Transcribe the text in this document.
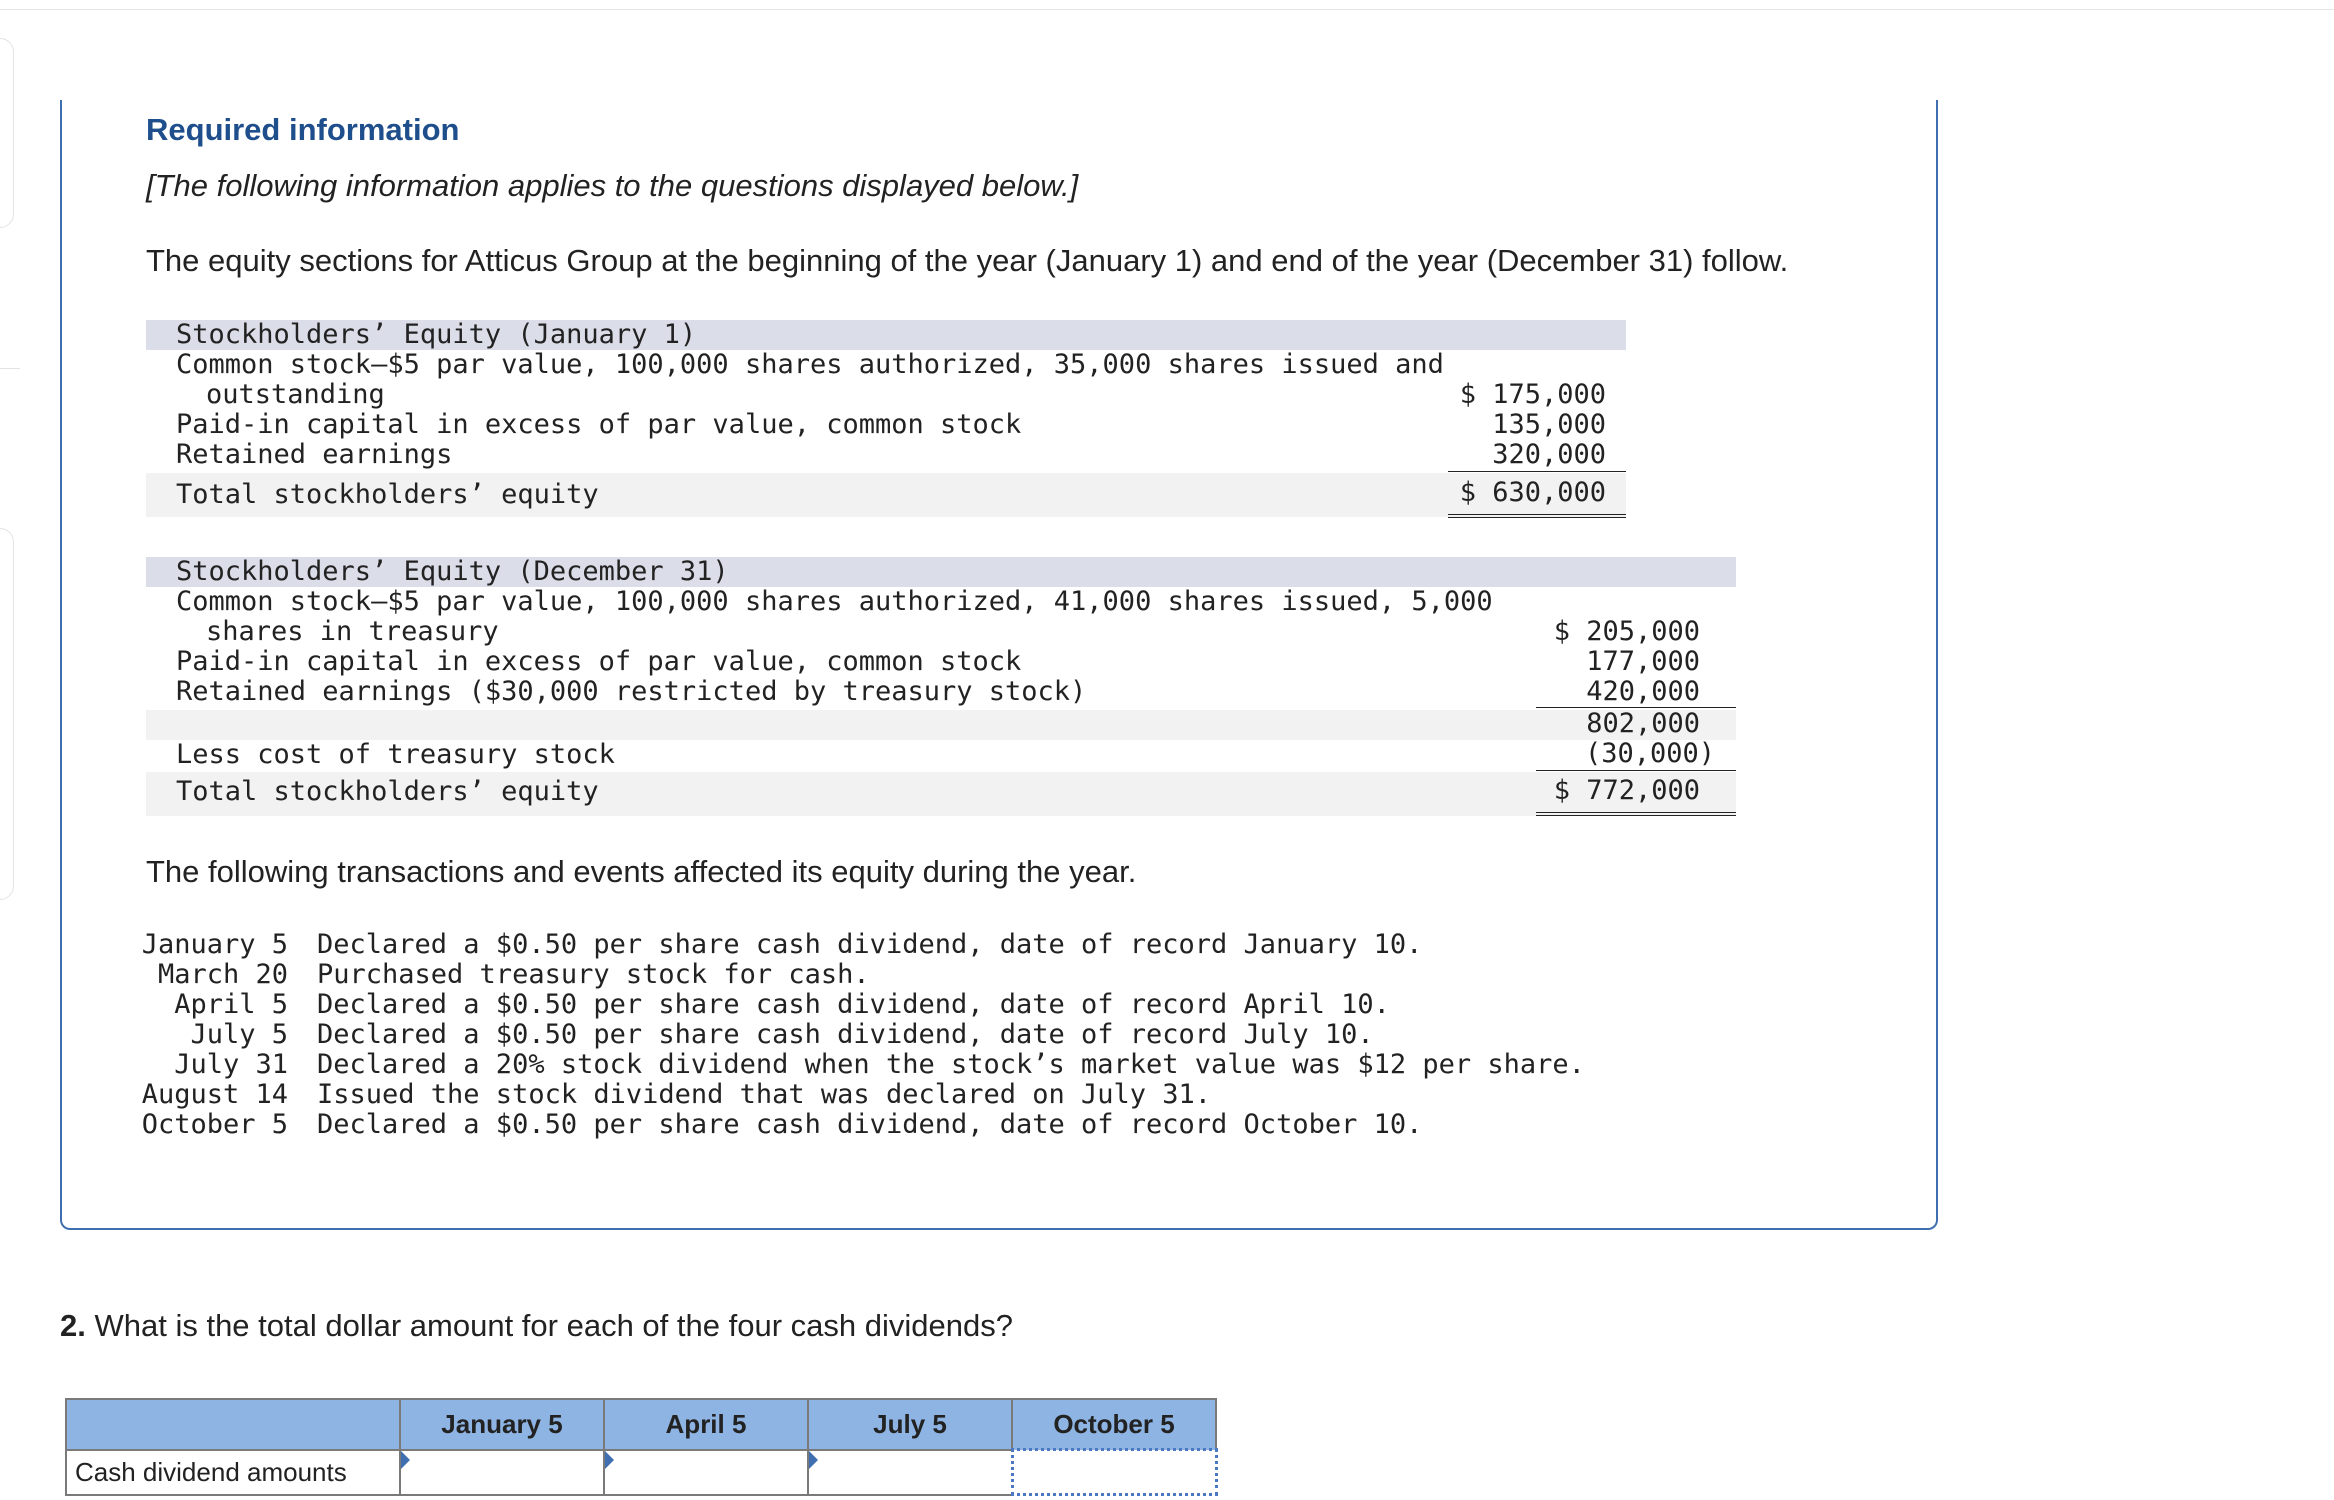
Required information
[The following information applies to the questions displayed below.]
The equity sections for Atticus Group at the beginning of the year (January 1) and end of the year (December 31) follow.
Stockholders’ Equity (January 1)
Common stock—$5 par value, 100,000 shares authorized, 35,000 shares issued and
outstanding	$ 175,000
Paid-in capital in excess of par value, common stock	135,000
Retained earnings	320,000
Total stockholders’ equity	$ 630,000
Stockholders’ Equity (December 31)
Common stock—$5 par value, 100,000 shares authorized, 41,000 shares issued, 5,000
shares in treasury	$ 205,000
Paid-in capital in excess of par value, common stock	177,000
Retained earnings ($30,000 restricted by treasury stock)	420,000
802,000
Less cost of treasury stock	(30,000)
Total stockholders’ equity	$ 772,000
The following transactions and events affected its equity during the year.
January 5 Declared a $0.50 per share cash dividend, date of record January 10.
March 20 Purchased treasury stock for cash.
April 5 Declared a $0.50 per share cash dividend, date of record April 10.
July 5 Declared a $0.50 per share cash dividend, date of record July 10.
July 31 Declared a 20% stock dividend when the stock’s market value was $12 per share.
August 14 Issued the stock dividend that was declared on July 31.
October 5 Declared a $0.50 per share cash dividend, date of record October 10.
2. What is the total dollar amount for each of the four cash dividends?
	January 5	April 5	July 5	October 5
Cash dividend amounts	
